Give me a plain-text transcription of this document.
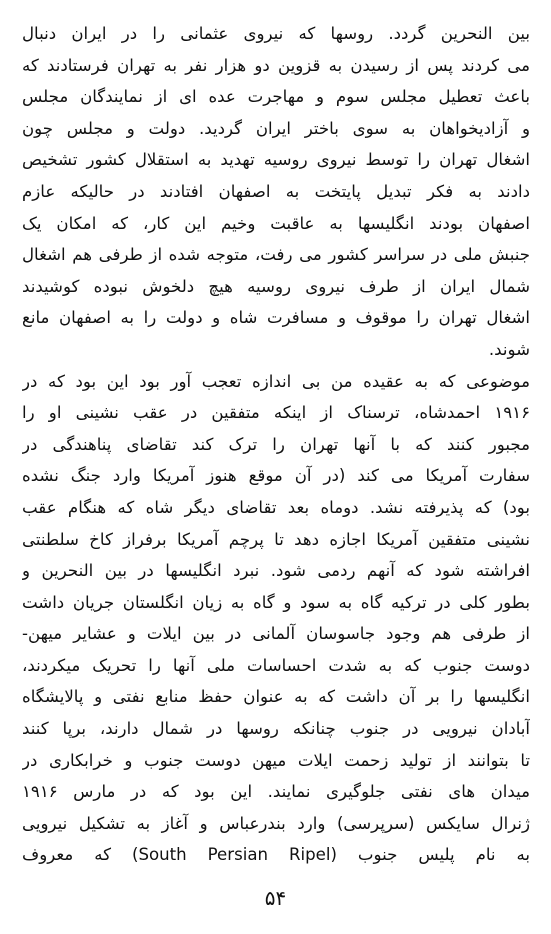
بین النحرین گردد. روسها که نیروی عثمانی را در ایران دنبال
می کردند پس از رسیدن به قزوین دو هزار نفر به تهران فرستادند که
باعث تعطیل مجلس سوم و مهاجرت عده ای از نمایندگان مجلس
و آزادیخواهان به سوی باختر ایران گردید. دولت و مجلس چون
اشغال تهران را توسط نیروی روسیه تهدید به استقلال کشور تشخیص
دادند به فکر تبدیل پایتخت به اصفهان افتادند در حالیکه عازم
اصفهان بودند انگلیسها به عاقبت وخیم این کار، که امکان یک
جنبش ملی در سراسر کشور می رفت، متوجه شده از طرفی هم اشغال
شمال ایران از طرف نیروی روسیه هیچ دلخوش نبوده کوشیدند
اشغال تهران را موقوف و مسافرت شاه و دولت را به اصفهان مانع
شوند.
موضوعی که به عقیده من بی اندازه تعجب آور بود این بود که در
۱۹۱۶ احمدشاه، ترسناک از اینکه متفقین در عقب نشینی او را
مجبور کنند که با آنها تهران را ترک کند تقاضای پناهندگی در
سفارت آمریکا می کند (در آن موقع هنوز آمریکا وارد جنگ نشده
بود) که پذیرفته نشد. دوماه بعد تقاضای دیگر شاه که هنگام عقب
نشینی متفقین آمریکا اجازه دهد تا پرچم آمریکا برفراز کاخ سلطنتی
افراشته شود که آنهم ردمی شود. نبرد انگلیسها در بین النحرین و
بطور کلی در ترکیه گاه به سود و گاه به زیان انگلستان جریان داشت
از طرفی هم وجود جاسوسان آلمانی در بین ایلات و عشایر میهن-
دوست جنوب که به شدت احساسات ملی آنها را تحریک میکردند،
انگلیسها را بر آن داشت که به عنوان حفظ منابع نفتی و پالایشگاه
آبادان نیرویی در جنوب چنانکه روسها در شمال دارند، برپا کنند
تا بتوانند از تولید زحمت ایلات میهن دوست جنوب و خرابکاری در
میدان های نفتی جلوگیری نمایند. این بود که در مارس ۱۹۱۶
ژنرال سایکس (سرپرسی) وارد بندرعباس و آغاز به تشکیل نیرویی
به نام پلیس جنوب (South Persian Ripel) که معروف
۵۴
